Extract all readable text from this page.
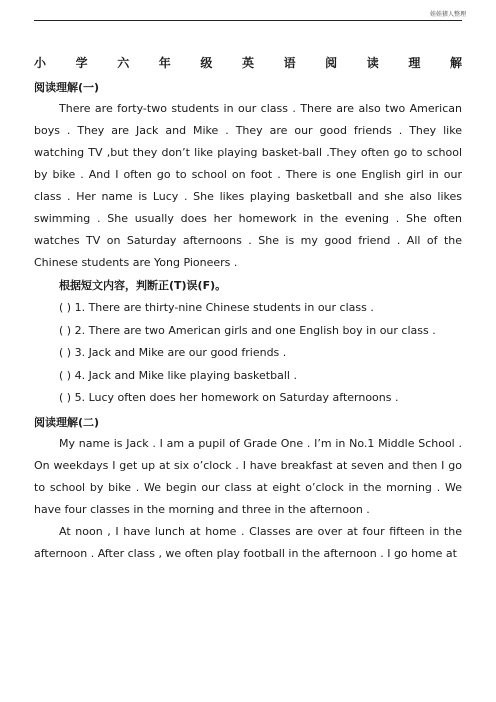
娃娃猪人整理
小 学 六 年 级 英 语 阅 读 理 解
阅读理解(一)

There are forty-two students in our class . There are also two American boys . They are Jack and Mike . They are our good friends . They like watching TV ,but they don’t like playing basket-ball .They often go to school by bike . And I often go to school on foot . There is one English girl in our class . Her name is Lucy . She likes playing basketball and she also likes swimming . She usually does her homework in the evening . She often watches TV on Saturday afternoons . She is my good friend . All of the Chinese students are Yong Pioneers .

根据短文内容，判断正(T)误(F)。
( ) 1. There are thirty-nine Chinese students in our class .
( ) 2. There are two American girls and one English boy in our class .
( ) 3. Jack and Mike are our good friends .
( ) 4. Jack and Mike like playing basketball .
( ) 5. Lucy often does her homework on Saturday afternoons .
阅读理解(二)

My name is Jack . I am a pupil of Grade One . I’m in No.1 Middle School . On weekdays I get up at six o’clock . I have breakfast at seven and then I go to school by bike . We begin our class at eight o’clock in the morning . We have four classes in the morning and three in the afternoon .

At noon , I have lunch at home . Classes are over at four fifteen in the afternoon . After class , we often play football in the afternoon . I go home at
